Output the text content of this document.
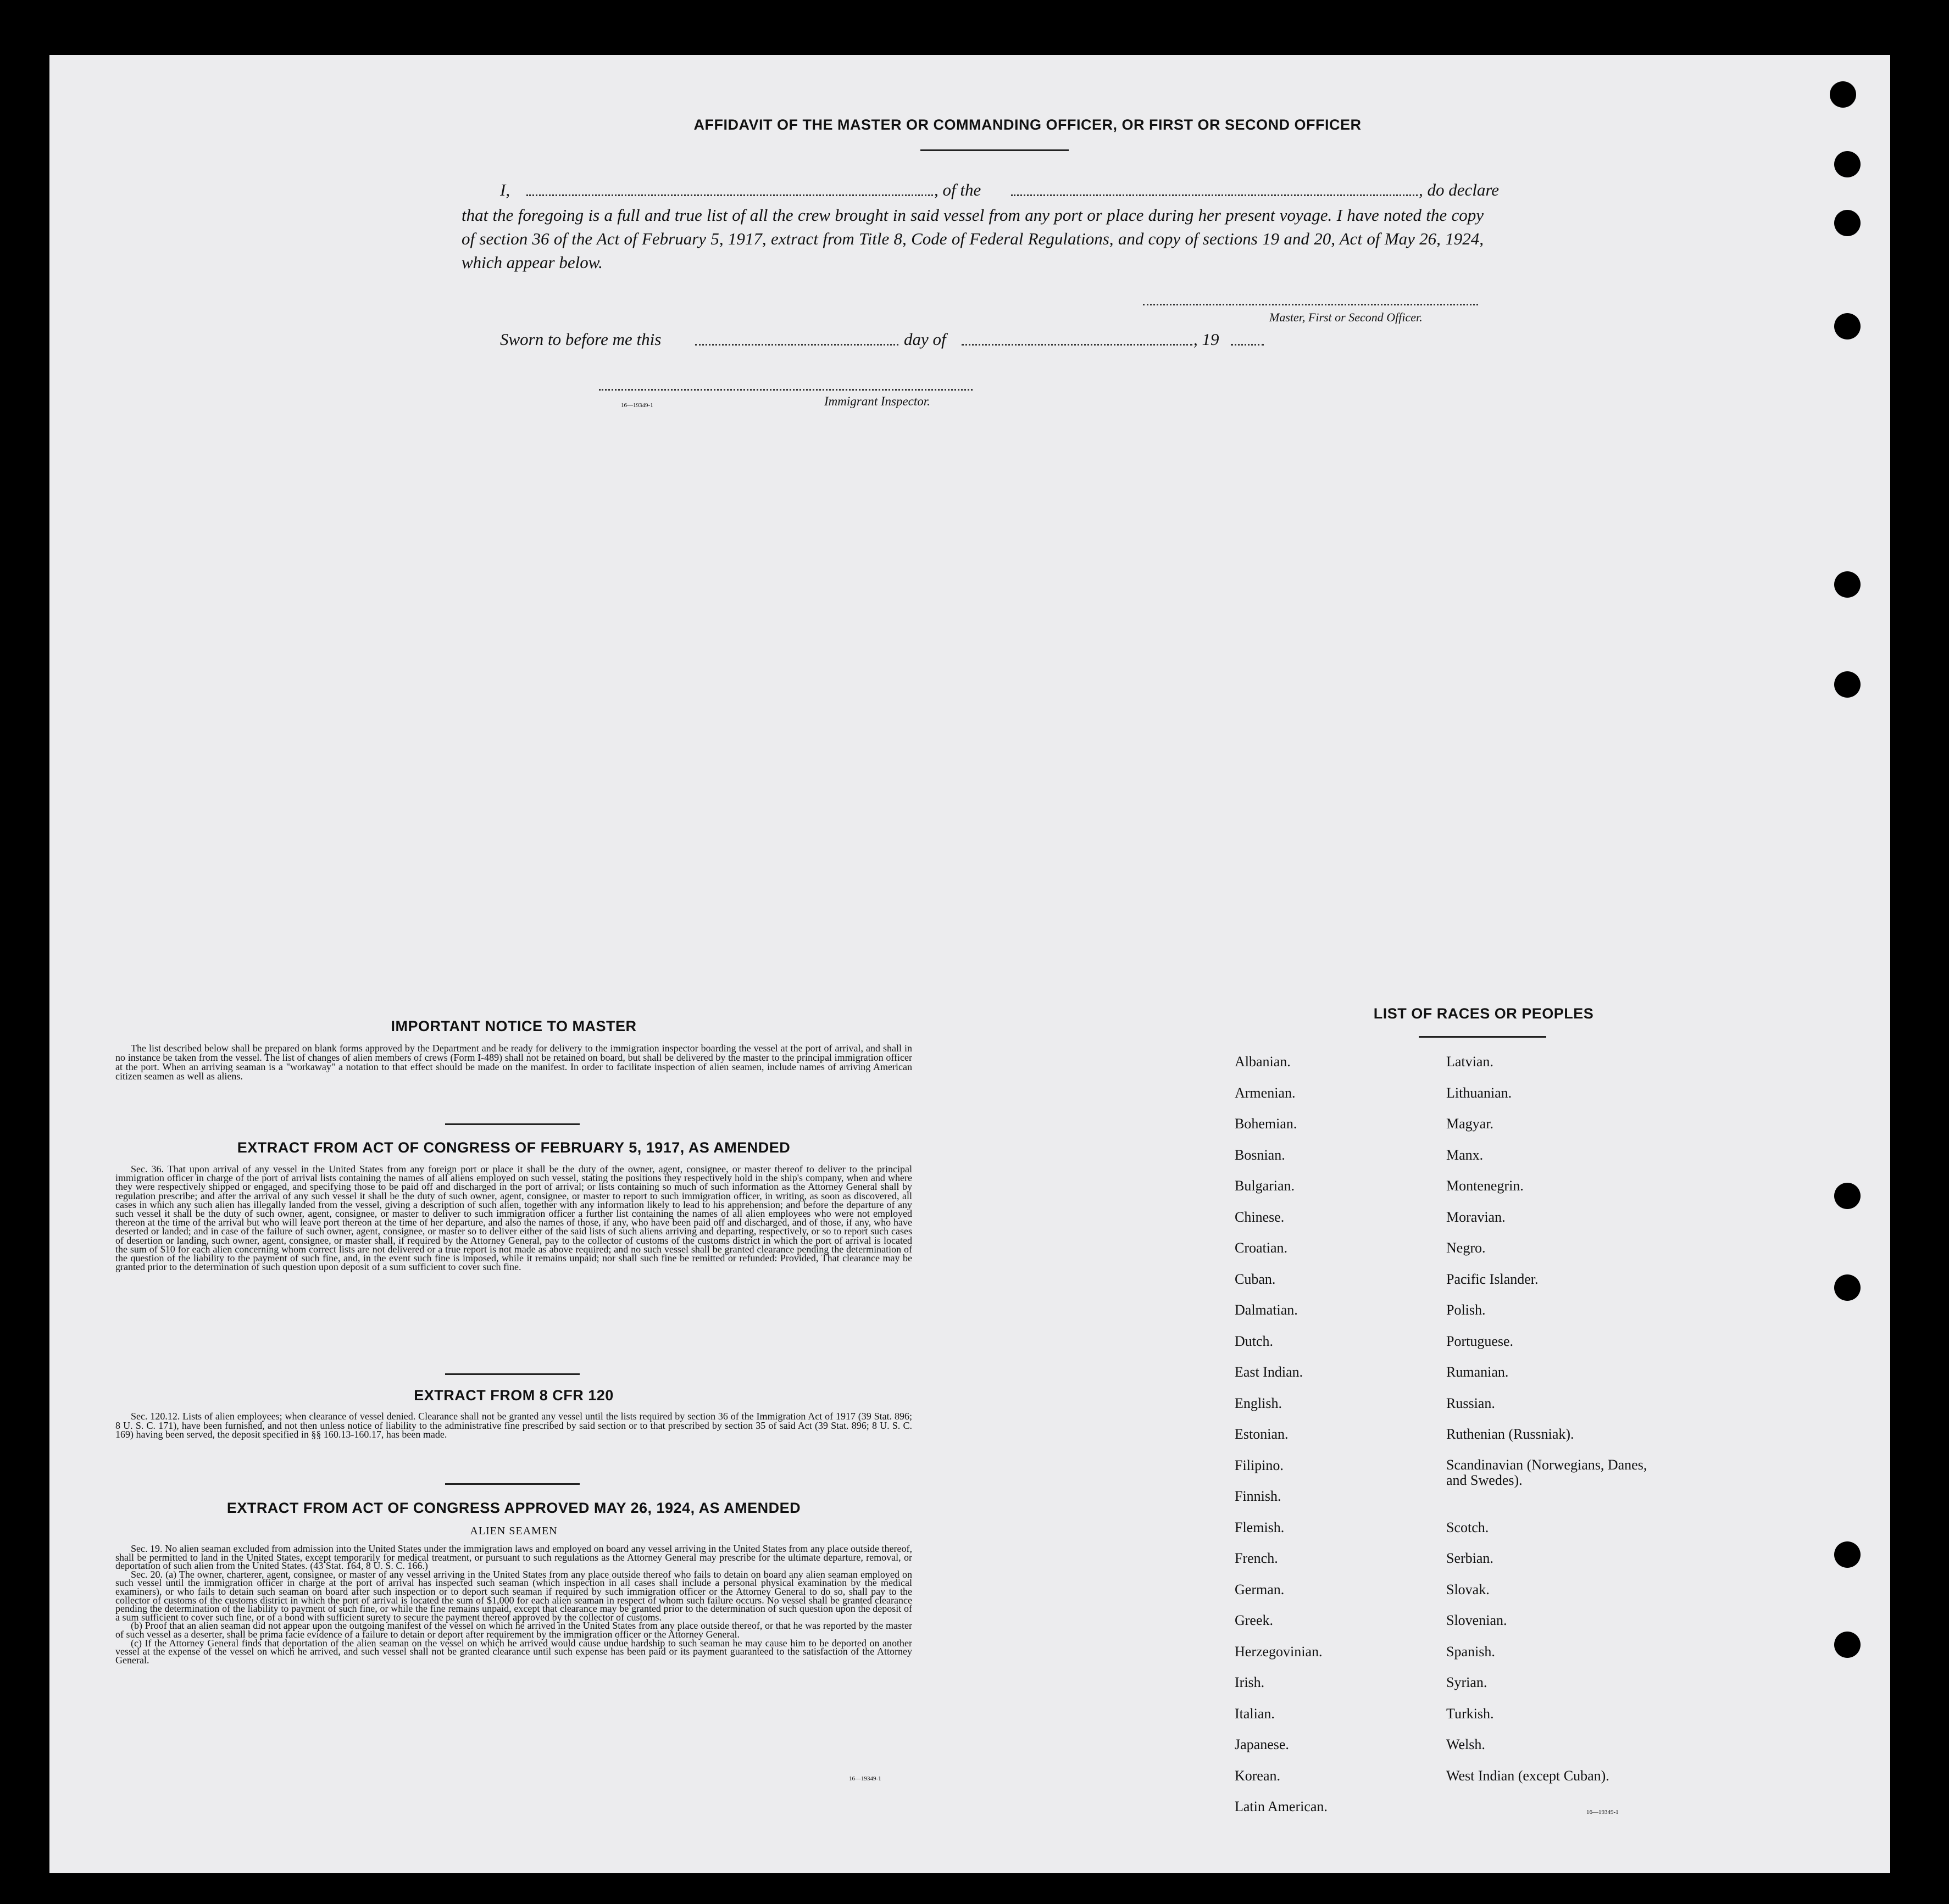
AFFIDAVIT OF THE MASTER OR COMMANDING OFFICER, OR FIRST OR SECOND OFFICER
I,	, of the	, do declare
that the foregoing is a full and true list of all the crew brought in said vessel from any port or place during her present voyage. I have noted the copy of section 36 of the Act of February 5, 1917, extract from Title 8, Code of Federal Regulations, and copy of sections 19 and 20, Act of May 26, 1924, which appear below.
Master, First or Second Officer.
Sworn to before me this	day of	, 19
16—19349-1	Immigrant Inspector.
IMPORTANT NOTICE TO MASTER
The list described below shall be prepared on blank forms approved by the Department and be ready for delivery to the immigration inspector boarding the vessel at the port of arrival, and shall in no instance be taken from the vessel. The list of changes of alien members of crews (Form I-489) shall not be retained on board, but shall be delivered by the master to the principal immigration officer at the port. When an arriving seaman is a "workaway" a notation to that effect should be made on the manifest. In order to facilitate inspection of alien seamen, include names of arriving American citizen seamen as well as aliens.
EXTRACT FROM ACT OF CONGRESS OF FEBRUARY 5, 1917, AS AMENDED
Sec. 36. That upon arrival of any vessel in the United States from any foreign port or place it shall be the duty of the owner, agent, consignee, or master thereof to deliver to the principal immigration officer in charge of the port of arrival lists containing the names of all aliens employed on such vessel, stating the positions they respectively hold in the ship's company, when and where they were respectively shipped or engaged, and specifying those to be paid off and discharged in the port of arrival; or lists containing so much of such information as the Attorney General shall by regulation prescribe; and after the arrival of any such vessel it shall be the duty of such owner, agent, consignee, or master to report to such immigration officer, in writing, as soon as discovered, all cases in which any such alien has illegally landed from the vessel, giving a description of such alien, together with any information likely to lead to his apprehension; and before the departure of any such vessel it shall be the duty of such owner, agent, consignee, or master to deliver to such immigration officer a further list containing the names of all alien employees who were not employed thereon at the time of the arrival but who will leave port thereon at the time of her departure, and also the names of those, if any, who have been paid off and discharged, and of those, if any, who have deserted or landed; and in case of the failure of such owner, agent, consignee, or master so to deliver either of the said lists of such aliens arriving and departing, respectively, or so to report such cases of desertion or landing, such owner, agent, consignee, or master shall, if required by the Attorney General, pay to the collector of customs of the customs district in which the port of arrival is located the sum of $10 for each alien concerning whom correct lists are not delivered or a true report is not made as above required; and no such vessel shall be granted clearance pending the determination of the question of the liability to the payment of such fine, and, in the event such fine is imposed, while it remains unpaid; nor shall such fine be remitted or refunded: Provided, That clearance may be granted prior to the determination of such question upon deposit of a sum sufficient to cover such fine.
EXTRACT FROM 8 CFR 120
Sec. 120.12. Lists of alien employees; when clearance of vessel denied. Clearance shall not be granted any vessel until the lists required by section 36 of the Immigration Act of 1917 (39 Stat. 896; 8 U. S. C. 171), have been furnished, and not then unless notice of liability to the administrative fine prescribed by said section or to that prescribed by section 35 of said Act (39 Stat. 896; 8 U. S. C. 169) having been served, the deposit specified in §§ 160.13-160.17, has been made.
EXTRACT FROM ACT OF CONGRESS APPROVED MAY 26, 1924, AS AMENDED
ALIEN SEAMEN
Sec. 19. No alien seaman excluded from admission into the United States under the immigration laws and employed on board any vessel arriving in the United States from any place outside thereof, shall be permitted to land in the United States, except temporarily for medical treatment, or pursuant to such regulations as the Attorney General may prescribe for the ultimate departure, removal, or deportation of such alien from the United States. (43 Stat. 164, 8 U. S. C. 166.)
Sec. 20. (a) The owner, charterer, agent, consignee, or master of any vessel arriving in the United States from any place outside thereof who fails to detain on board any alien seaman employed on such vessel until the immigration officer in charge at the port of arrival has inspected such seaman (which inspection in all cases shall include a personal physical examination by the medical examiners), or who fails to detain such seaman on board after such inspection or to deport such seaman if required by such immigration officer or the Attorney General to do so, shall pay to the collector of customs of the customs district in which the port of arrival is located the sum of $1,000 for each alien seaman in respect of whom such failure occurs. No vessel shall be granted clearance pending the determination of the liability to payment of such fine, or while the fine remains unpaid, except that clearance may be granted prior to the determination of such question upon the deposit of a sum sufficient to cover such fine, or of a bond with sufficient surety to secure the payment thereof approved by the collector of customs.
(b) Proof that an alien seaman did not appear upon the outgoing manifest of the vessel on which he arrived in the United States from any place outside thereof, or that he was reported by the master of such vessel as a deserter, shall be prima facie evidence of a failure to detain or deport after requirement by the immigration officer or the Attorney General.
(c) If the Attorney General finds that deportation of the alien seaman on the vessel on which he arrived would cause undue hardship to such seaman he may cause him to be deported on another vessel at the expense of the vessel on which he arrived, and such vessel shall not be granted clearance until such expense has been paid or its payment guaranteed to the satisfaction of the Attorney General.
16—19349-1
LIST OF RACES OR PEOPLES
Albanian.
Armenian.
Bohemian.
Bosnian.
Bulgarian.
Chinese.
Croatian.
Cuban.
Dalmatian.
Dutch.
East Indian.
English.
Estonian.
Filipino.
Finnish.
Flemish.
French.
German.
Greek.
Herzegovinian.
Irish.
Italian.
Japanese.
Korean.
Latin American.
Latvian.
Lithuanian.
Magyar.
Manx.
Montenegrin.
Moravian.
Negro.
Pacific Islander.
Polish.
Portuguese.
Rumanian.
Russian.
Ruthenian (Russniak).
Scandinavian (Norwegians, Danes, and Swedes).
Scotch.
Serbian.
Slovak.
Slovenian.
Spanish.
Syrian.
Turkish.
Welsh.
West Indian (except Cuban).
16—19349-1
